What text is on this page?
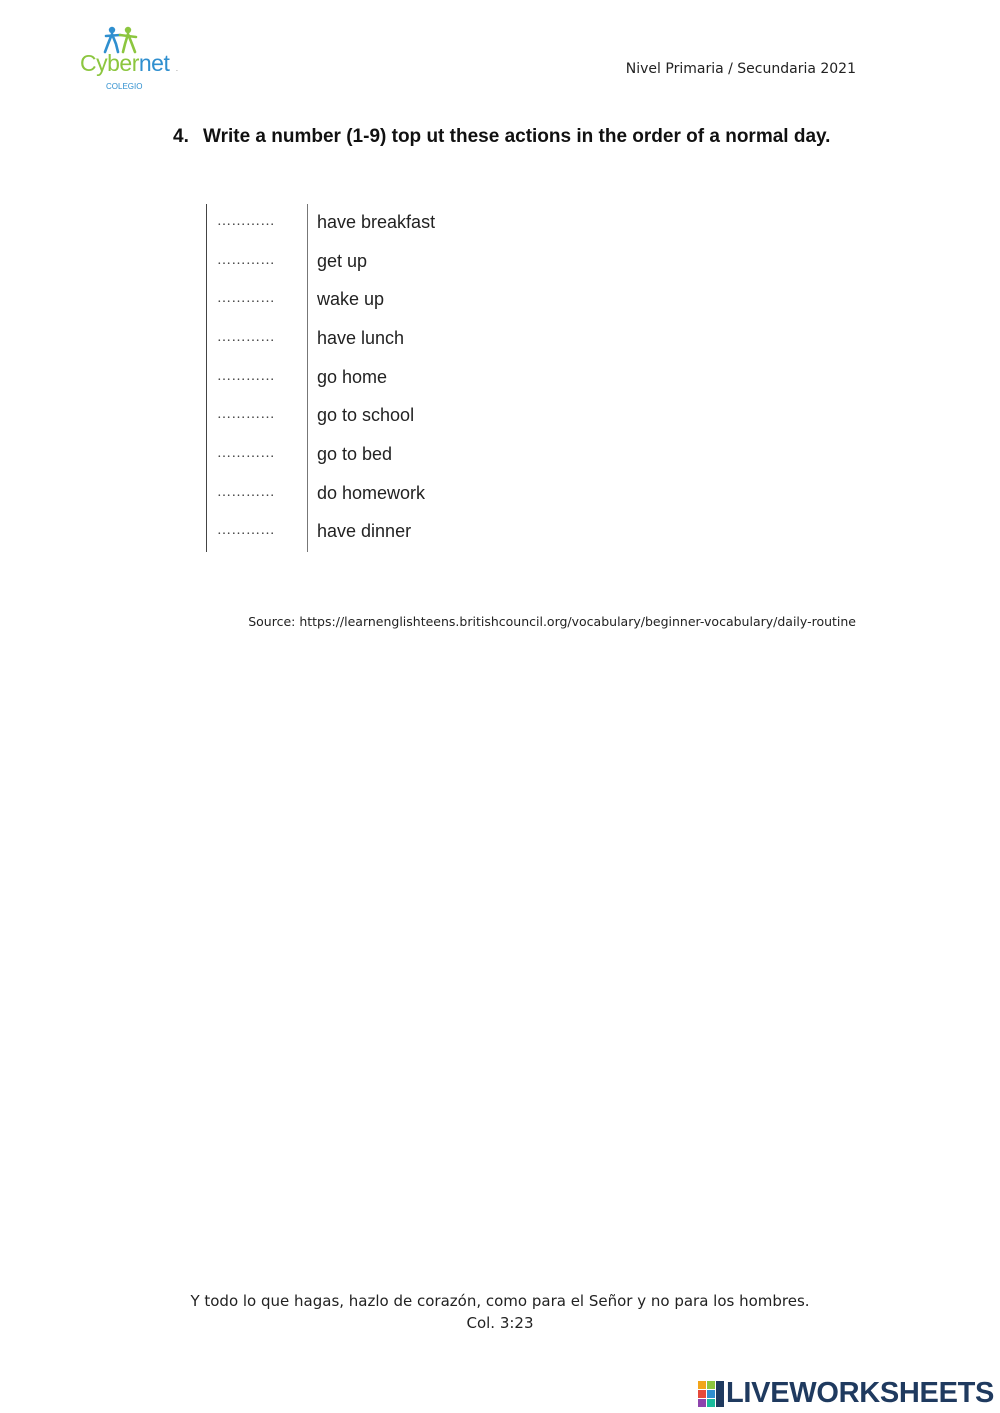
.
Cybernet
COLEGIO
Nivel Primaria / Secundaria 2021
4. Write a number (1-9) top ut these actions in the order of a normal day.
………… have breakfast
………… get up
………… wake up
………… have lunch
………… go home
………… go to school
………… go to bed
………… do homework
………… have dinner
Source: https://learnenglishteens.britishcouncil.org/vocabulary/beginner-vocabulary/daily-routine
Y todo lo que hagas, hazlo de corazón, como para el Señor y no para los hombres.
Col. 3:23
LIVEWORKSHEETS
